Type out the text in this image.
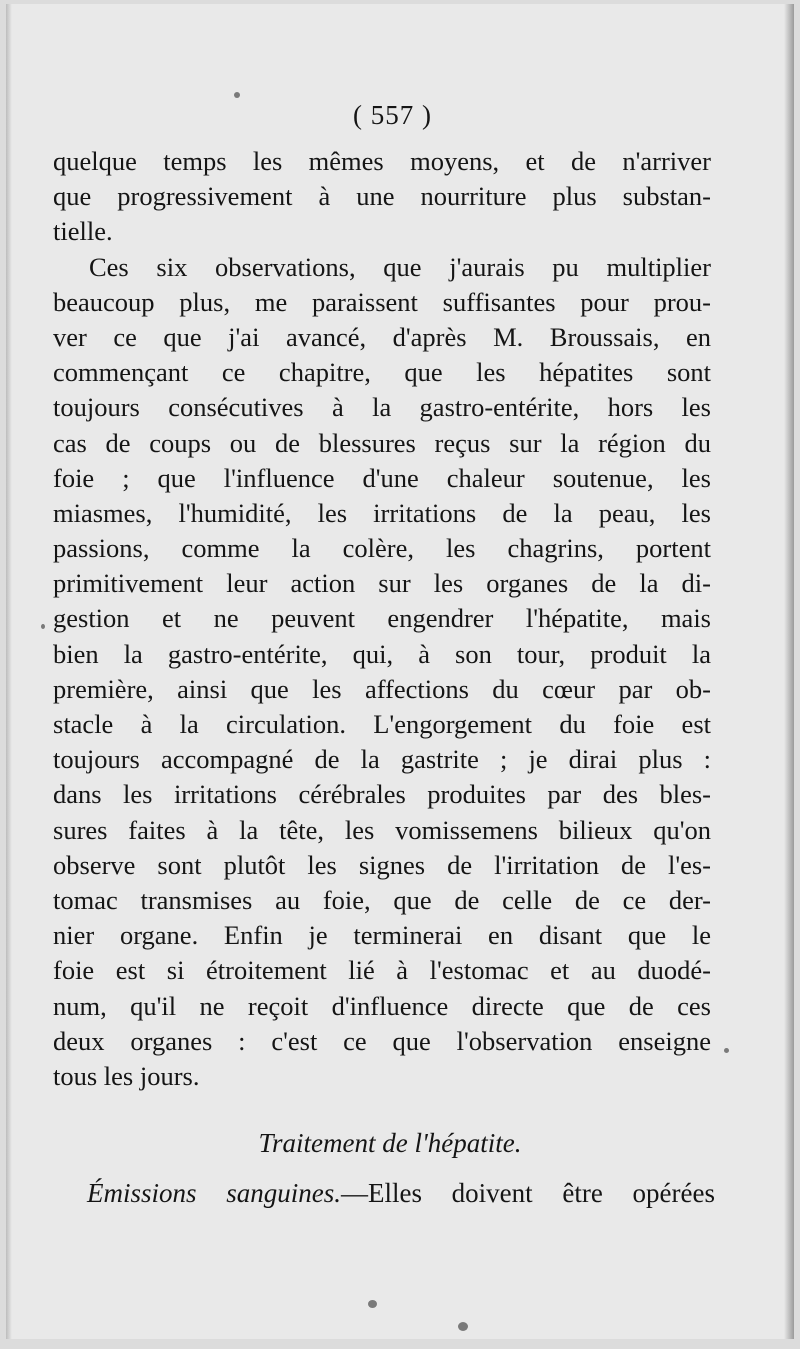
( 557 )
quelque temps les mêmes moyens, et de n'arriver
que progressivement à une nourriture plus substan-
tielle.
Ces six observations, que j'aurais pu multiplier
beaucoup plus, me paraissent suffisantes pour prou-
ver ce que j'ai avancé, d'après M. Broussais, en
commençant ce chapitre, que les hépatites sont
toujours consécutives à la gastro-entérite, hors les
cas de coups ou de blessures reçus sur la région du
foie ; que l'influence d'une chaleur soutenue, les
miasmes, l'humidité, les irritations de la peau, les
passions, comme la colère, les chagrins, portent
primitivement leur action sur les organes de la di-
gestion et ne peuvent engendrer l'hépatite, mais
bien la gastro-entérite, qui, à son tour, produit la
première, ainsi que les affections du cœur par ob-
stacle à la circulation. L'engorgement du foie est
toujours accompagné de la gastrite ; je dirai plus :
dans les irritations cérébrales produites par des bles-
sures faites à la tête, les vomissemens bilieux qu'on
observe sont plutôt les signes de l'irritation de l'es-
tomac transmises au foie, que de celle de ce der-
nier organe. Enfin je terminerai en disant que le
foie est si étroitement lié à l'estomac et au duodé-
num, qu'il ne reçoit d'influence directe que de ces
deux organes : c'est ce que l'observation enseigne
tous les jours.
Traitement de l'hépatite.
Émissions sanguines.—Elles doivent être opérées
